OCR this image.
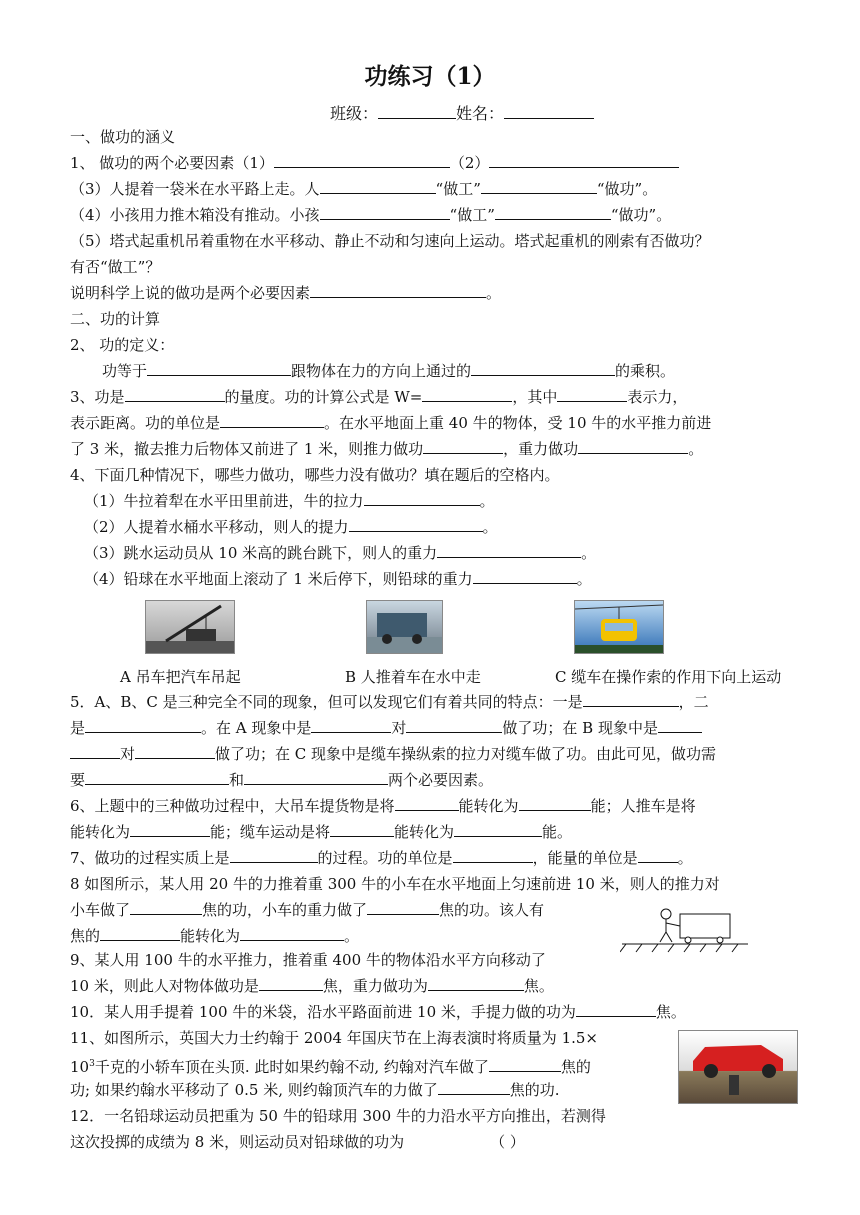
功练习（1）
班级：	姓名：
一、做功的涵义
1、 做功的两个必要因素（1）	（2）
（3）人提着一袋米在水平路上走。人	“做工”	“做功”。
（4）小孩用力推木箱没有推动。小孩	“做工”	“做功”。
（5）塔式起重机吊着重物在水平移动、静止不动和匀速向上运动。塔式起重机的刚索有否做功？
有否“做工”？
说明科学上说的做功是两个必要因素	。
二、功的计算
2、 功的定义：
功等于	跟物体在力的方向上通过的	的乘积。
3、功是	的量度。功的计算公式是 W=	，其中	表示力，
表示距离。功的单位是	。在水平地面上重 40 牛的物体，受 10 牛的水平推力前进
了 3 米，撤去推力后物体又前进了 1 米，则推力做功	，重力做功	。
4、下面几种情况下，哪些力做功，哪些力没有做功？填在题后的空格内。
（1）牛拉着犁在水平田里前进，牛的拉力	。
（2）人提着水桶水平移动，则人的提力	。
（3）跳水运动员从 10 米高的跳台跳下，则人的重力	。
（4）铅球在水平地面上滚动了 1 米后停下，则铅球的重力	。
A 吊车把汽车吊起	B 人推着车在水中走	C 缆车在操作索的作用下向上运动
5．A、B、C 是三种完全不同的现象，但可以发现它们有着共同的特点：一是	，二
是	。在 A 现象中是	对	做了功；在 B 现象中是
对	做了功；在 C 现象中是缆车操纵索的拉力对缆车做了功。由此可见，做功需
要	和	两个必要因素。
6、上题中的三种做功过程中，大吊车提货物是将	能转化为	能；人推车是将
能转化为	能；缆车运动是将	能转化为	能。
7、做功的过程实质上是	的过程。功的单位是	，能量的单位是	。
8 如图所示，某人用 20 牛的力推着重 300 牛的小车在水平地面上匀速前进 10 米，则人的推力对
小车做了	焦的功，小车的重力做了	焦的功。该人有
焦的	能转化为	。
9、某人用 100 牛的水平推力，推着重 400 牛的物体沿水平方向移动了
10 米，则此人对物体做功是	焦，重力做功为	焦。
10．某人用手提着 100 牛的米袋，沿水平路面前进 10 米，手提力做的功为	焦。
11、如图所示，英国大力士约翰于 2004 年国庆节在上海表演时将质量为 1.5×
$10^3$千克的小轿车顶在头顶. 此时如果约翰不动, 约翰对汽车做了	焦的
功; 如果约翰水平移动了 0.5 米, 则约翰顶汽车的力做了	焦的功.
12．一名铅球运动员把重为 50 牛的铅球用 300 牛的力沿水平方向推出，若测得
这次投掷的成绩为 8 米，则运动员对铅球做的功为	（ ）
